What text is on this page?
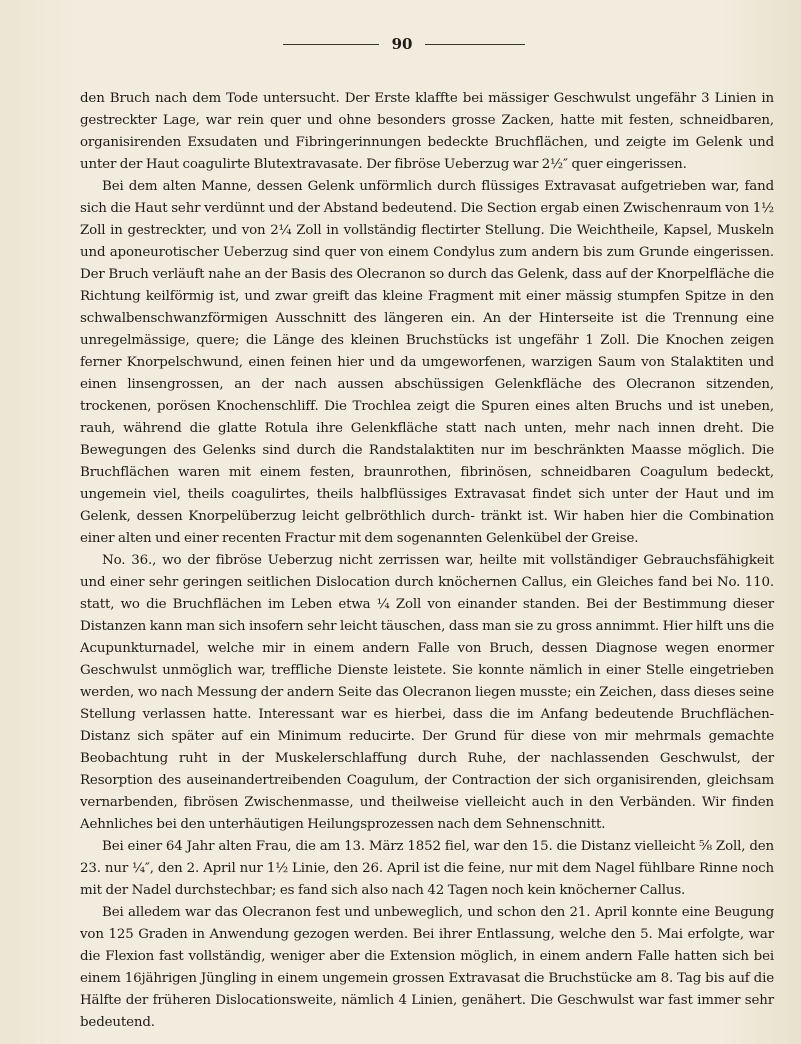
90

den Bruch nach dem Tode untersucht. Der Erste klaffte bei mässiger Geschwulst ungefähr 3 Linien in gestreckter Lage, war rein quer und ohne besonders grosse Zacken, hatte mit festen, schneidbaren, organisirenden Exsudaten und Fibringerinnungen bedeckte Bruchflächen, und zeigte im Gelenk und unter der Haut coagulirte Blutextravasate. Der fibröse Ueberzug war 2½″ quer eingerissen.

Bei dem alten Manne, dessen Gelenk unförmlich durch flüssiges Extravasat aufgetrieben war, fand sich die Haut sehr verdünnt und der Abstand bedeutend. Die Section ergab einen Zwischenraum von 1½ Zoll in gestreckter, und von 2¼ Zoll in vollständig flectirter Stellung. Die Weichtheile, Kapsel, Muskeln und aponeurotischer Ueberzug sind quer von einem Condylus zum andern bis zum Grunde eingerissen. Der Bruch verläuft nahe an der Basis des Olecranon so durch das Gelenk, dass auf der Knorpelfläche die Richtung keilförmig ist, und zwar greift das kleine Fragment mit einer mässig stumpfen Spitze in den schwalbenschwanzförmigen Ausschnitt des längeren ein. An der Hinterseite ist die Trennung eine unregelmässige, quere; die Länge des kleinen Bruchstücks ist ungefähr 1 Zoll. Die Knochen zeigen ferner Knorpelschwund, einen feinen hier und da umgeworfenen, warzigen Saum von Stalaktiten und einen linsengrossen, an der nach aussen abschüssigen Gelenkfläche des Olecranon sitzenden, trockenen, porösen Knochenschliff. Die Trochlea zeigt die Spuren eines alten Bruchs und ist uneben, rauh, während die glatte Rotula ihre Gelenkfläche statt nach unten, mehr nach innen dreht. Die Bewegungen des Gelenks sind durch die Randstalaktiten nur im beschränkten Maasse möglich. Die Bruchflächen waren mit einem festen, braunrothen, fibrinösen, schneidbaren Coagulum bedeckt, ungemein viel, theils coagulirtes, theils halbflüssiges Extravasat findet sich unter der Haut und im Gelenk, dessen Knorpelüberzug leicht gelbröthlich durch- tränkt ist. Wir haben hier die Combination einer alten und einer recenten Fractur mit dem sogenannten Gelenkübel der Greise.

No. 36., wo der fibröse Ueberzug nicht zerrissen war, heilte mit vollständiger Gebrauchsfähigkeit und einer sehr geringen seitlichen Dislocation durch knöchernen Callus, ein Gleiches fand bei No. 110. statt, wo die Bruchflächen im Leben etwa ¼ Zoll von einander standen. Bei der Bestimmung dieser Distanzen kann man sich insofern sehr leicht täuschen, dass man sie zu gross annimmt. Hier hilft uns die Acupunkturnadel, welche mir in einem andern Falle von Bruch, dessen Diagnose wegen enormer Geschwulst unmöglich war, treffliche Dienste leistete. Sie konnte nämlich in einer Stelle eingetrieben werden, wo nach Messung der andern Seite das Olecranon liegen musste; ein Zeichen, dass dieses seine Stellung verlassen hatte. Interessant war es hierbei, dass die im Anfang bedeutende Bruchflächen-Distanz sich später auf ein Minimum reducirte. Der Grund für diese von mir mehrmals gemachte Beobachtung ruht in der Muskelerschlaffung durch Ruhe, der nachlassenden Geschwulst, der Resorption des auseinandertreibenden Coagulum, der Contraction der sich organisirenden, gleichsam vernarbenden, fibrösen Zwischenmasse, und theilweise vielleicht auch in den Verbänden. Wir finden Aehnliches bei den unterhäutigen Heilungsprozessen nach dem Sehnenschnitt.

Bei einer 64 Jahr alten Frau, die am 13. März 1852 fiel, war den 15. die Distanz vielleicht ⅝ Zoll, den 23. nur ¼″, den 2. April nur 1½ Linie, den 26. April ist die feine, nur mit dem Nagel fühlbare Rinne noch mit der Nadel durchstechbar; es fand sich also nach 42 Tagen noch kein knöcherner Callus.

Bei alledem war das Olecranon fest und unbeweglich, und schon den 21. April konnte eine Beugung von 125 Graden in Anwendung gezogen werden. Bei ihrer Entlassung, welche den 5. Mai erfolgte, war die Flexion fast vollständig, weniger aber die Extension möglich, in einem andern Falle hatten sich bei einem 16jährigen Jüngling in einem ungemein grossen Extravasat die Bruchstücke am 8. Tag bis auf die Hälfte der früheren Dislocationsweite, nämlich 4 Linien, genähert. Die Geschwulst war fast immer sehr bedeutend.
